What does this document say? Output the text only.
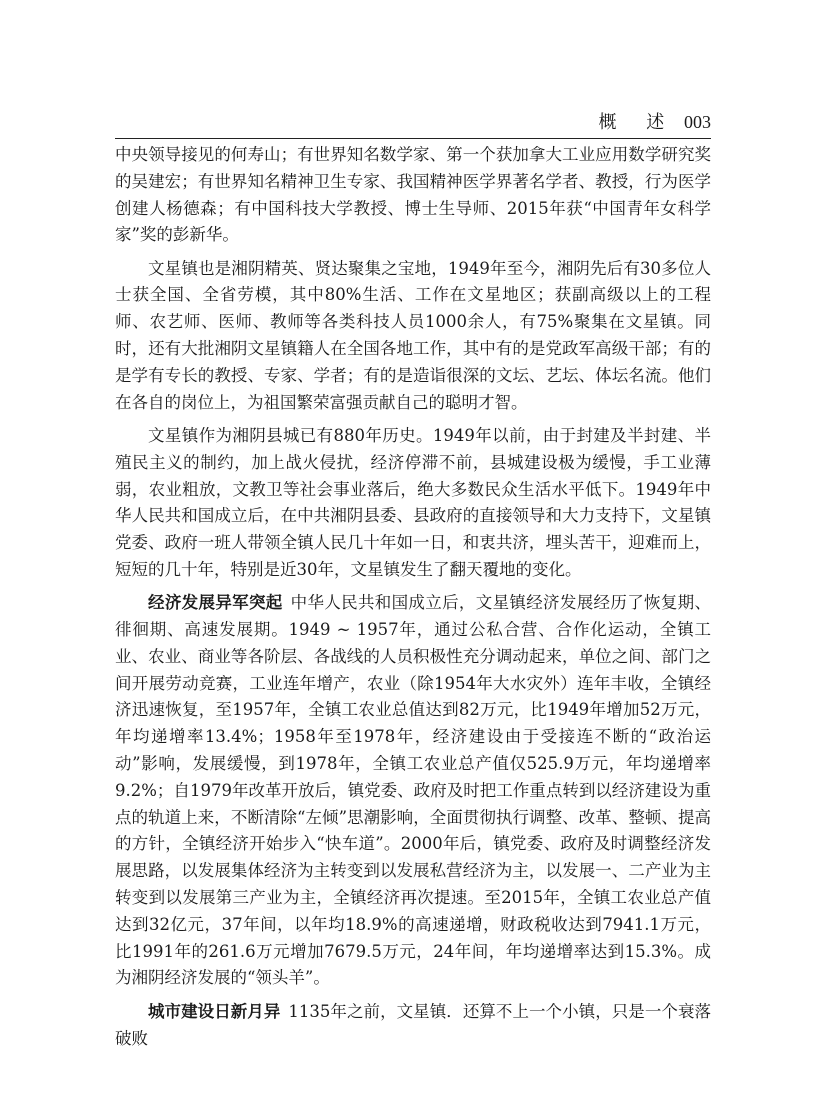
概 述 003

中央领导接见的何寿山；有世界知名数学家、第一个获加拿大工业应用数学研究奖的吴建宏；有世界知名精神卫生专家、我国精神医学界著名学者、教授，行为医学创建人杨德森；有中国科技大学教授、博士生导师、2015年获“中国青年女科学家”奖的彭新华。

文星镇也是湘阴精英、贤达聚集之宝地，1949年至今，湘阴先后有30多位人士获全国、全省劳模，其中80%生活、工作在文星地区；获副高级以上的工程师、农艺师、医师、教师等各类科技人员1000余人，有75%聚集在文星镇。同时，还有大批湘阴文星镇籍人在全国各地工作，其中有的是党政军高级干部；有的是学有专长的教授、专家、学者；有的是造诣很深的文坛、艺坛、体坛名流。他们在各自的岗位上，为祖国繁荣富强贡献自己的聪明才智。

文星镇作为湘阴县城已有880年历史。1949年以前，由于封建及半封建、半殖民主义的制约，加上战火侵扰，经济停滞不前，县城建设极为缓慢，手工业薄弱，农业粗放，文教卫等社会事业落后，绝大多数民众生活水平低下。1949年中华人民共和国成立后，在中共湘阴县委、县政府的直接领导和大力支持下，文星镇党委、政府一班人带领全镇人民几十年如一日，和衷共济，埋头苦干，迎难而上，短短的几十年，特别是近30年，文星镇发生了翻天覆地的变化。

经济发展异军突起 中华人民共和国成立后，文星镇经济发展经历了恢复期、徘徊期、高速发展期。1949 ~ 1957年，通过公私合营、合作化运动，全镇工业、农业、商业等各阶层、各战线的人员积极性充分调动起来，单位之间、部门之间开展劳动竞赛，工业连年增产，农业（除1954年大水灾外）连年丰收，全镇经济迅速恢复，至1957年，全镇工农业总值达到82万元，比1949年增加52万元，年均递增率13.4%；1958年至1978年，经济建设由于受接连不断的“政治运动”影响，发展缓慢，到1978年，全镇工农业总产值仅525.9万元，年均递增率9.2%；自1979年改革开放后，镇党委、政府及时把工作重点转到以经济建设为重点的轨道上来，不断清除“左倾”思潮影响，全面贯彻执行调整、改革、整顿、提高的方针，全镇经济开始步入“快车道”。2000年后，镇党委、政府及时调整经济发展思路，以发展集体经济为主转变到以发展私营经济为主，以发展一、二产业为主转变到以发展第三产业为主，全镇经济再次提速。至2015年，全镇工农业总产值达到32亿元，37年间，以年均18.9%的高速递增，财政税收达到7941.1万元，比1991年的261.6万元增加7679.5万元，24年间，年均递增率达到15.3%。成为湘阴经济发展的“领头羊”。

城市建设日新月异 1135年之前，文星镇．还算不上一个小镇，只是一个衰落破败
